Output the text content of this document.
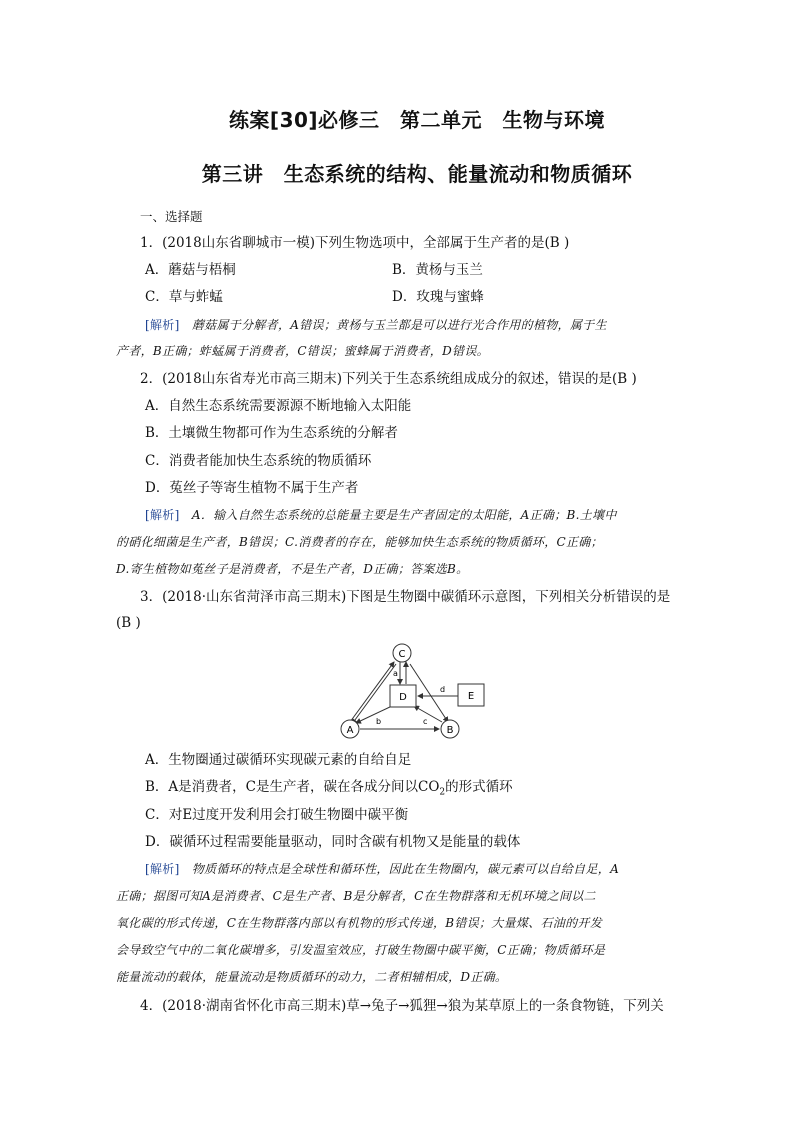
练案[30]必修三　第二单元　生物与环境
第三讲　生态系统的结构、能量流动和物质循环
一、选择题
1．(2018山东省聊城市一模)下列生物选项中，全部属于生产者的是(B )
A．蘑菇与梧桐	B．黄杨与玉兰
C．草与蚱蜢	D．玫瑰与蜜蜂
[解析]　蘑菇属于分解者，A错误；黄杨与玉兰都是可以进行光合作用的植物，属于生
产者，B正确；蚱蜢属于消费者，C错误；蜜蜂属于消费者，D错误。
2．(2018山东省寿光市高三期末)下列关于生态系统组成成分的叙述，错误的是(B )
A．自然生态系统需要源源不断地输入太阳能
B．土壤微生物都可作为生态系统的分解者
C．消费者能加快生态系统的物质循环
D．菟丝子等寄生植物不属于生产者
[解析]　A．输入自然生态系统的总能量主要是生产者固定的太阳能，A正确；B.土壤中
的硝化细菌是生产者，B错误；C.消费者的存在，能够加快生态系统的物质循环，C正确；
D.寄生植物如菟丝子是消费者，不是生产者，D正确；答案选B。
3．(2018·山东省菏泽市高三期末)下图是生物圈中碳循环示意图，下列相关分析错误的是
(B )
C
D	E
A	B
a
b	c
d
A．生物圈通过碳循环实现碳元素的自给自足
B．A是消费者，C是生产者，碳在各成分间以$CO_2$的形式循环
C．对E过度开发利用会打破生物圈中碳平衡
D．碳循环过程需要能量驱动，同时含碳有机物又是能量的载体
[解析]　物质循环的特点是全球性和循环性，因此在生物圈内，碳元素可以自给自足，A
正确；据图可知A是消费者、C是生产者、B是分解者，C在生物群落和无机环境之间以二
氧化碳的形式传递，C在生物群落内部以有机物的形式传递，B错误；大量煤、石油的开发
会导致空气中的二氧化碳增多，引发温室效应，打破生物圈中碳平衡，C正确；物质循环是
能量流动的载体，能量流动是物质循环的动力，二者相辅相成，D正确。
4．(2018·湖南省怀化市高三期末)草→兔子→狐狸→狼为某草原上的一条食物链，下列关
